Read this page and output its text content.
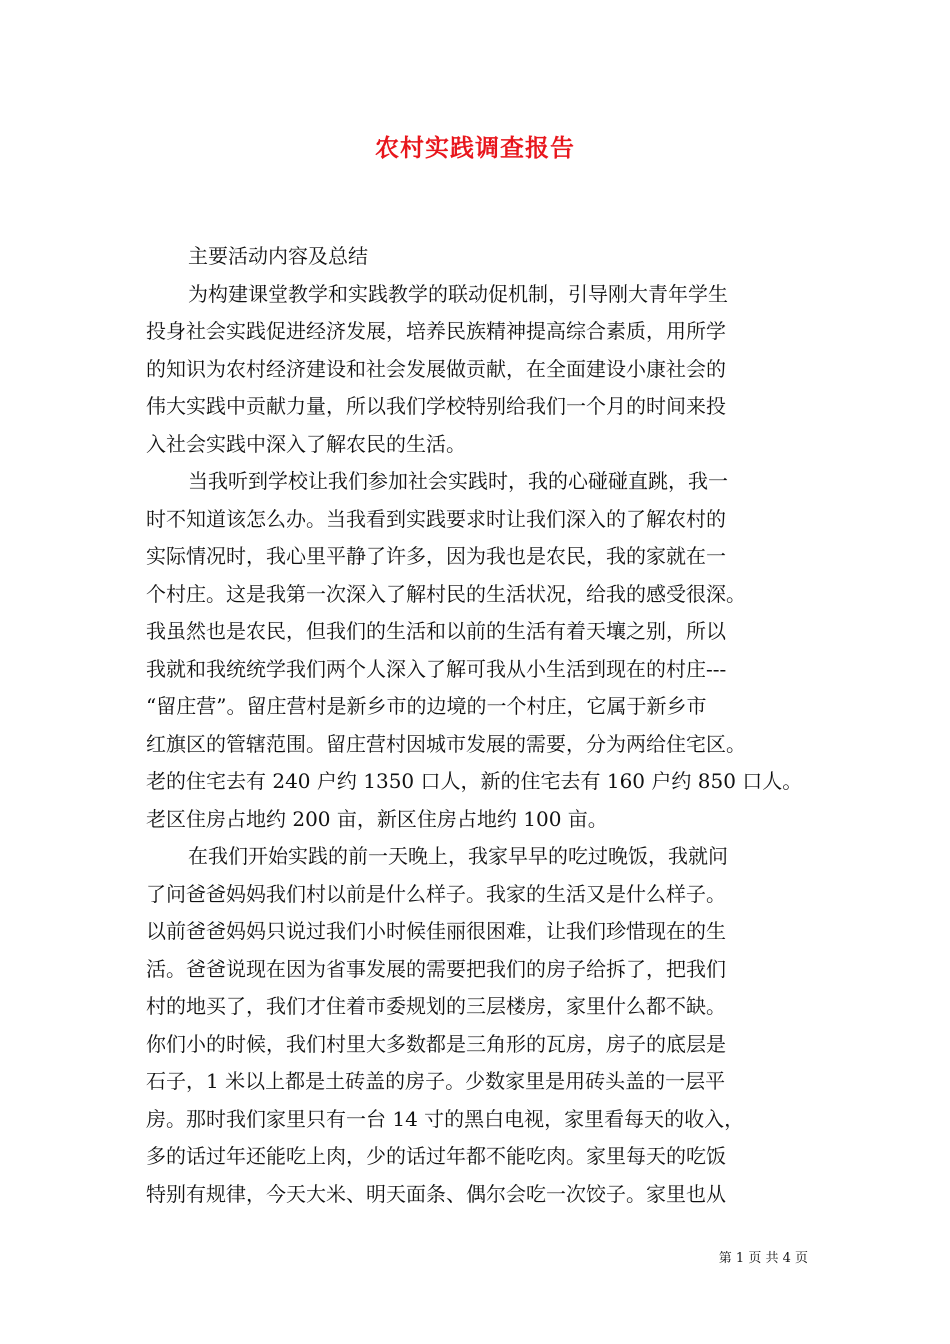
农村实践调查报告

主要活动内容及总结

为构建课堂教学和实践教学的联动促机制，引导刚大青年学生

投身社会实践促进经济发展，培养民族精神提高综合素质，用所学

的知识为农村经济建设和社会发展做贡献，在全面建设小康社会的

伟大实践中贡献力量，所以我们学校特别给我们一个月的时间来投

入社会实践中深入了解农民的生活。

当我听到学校让我们参加社会实践时，我的心碰碰直跳，我一

时不知道该怎么办。当我看到实践要求时让我们深入的了解农村的

实际情况时，我心里平静了许多，因为我也是农民，我的家就在一

个村庄。这是我第一次深入了解村民的生活状况，给我的感受很深。

我虽然也是农民，但我们的生活和以前的生活有着天壤之别，所以

我就和我统统学我们两个人深入了解可我从小生活到现在的村庄---

“留庄营”。留庄营村是新乡市的边境的一个村庄，它属于新乡市

红旗区的管辖范围。留庄营村因城市发展的需要，分为两给住宅区。

老的住宅去有 240 户约 1350 口人，新的住宅去有 160 户约 850 口人。

老区住房占地约 200 亩，新区住房占地约 100 亩。

在我们开始实践的前一天晚上，我家早早的吃过晚饭，我就问

了问爸爸妈妈我们村以前是什么样子。我家的生活又是什么样子。

以前爸爸妈妈只说过我们小时候佳丽很困难，让我们珍惜现在的生

活。爸爸说现在因为省事发展的需要把我们的房子给拆了，把我们

村的地买了，我们才住着市委规划的三层楼房，家里什么都不缺。

你们小的时候，我们村里大多数都是三角形的瓦房，房子的底层是

石子，1 米以上都是土砖盖的房子。少数家里是用砖头盖的一层平

房。那时我们家里只有一台 14 寸的黑白电视，家里看每天的收入，

多的话过年还能吃上肉，少的话过年都不能吃肉。家里每天的吃饭

特别有规律，今天大米、明天面条、偶尔会吃一次饺子。家里也从

第 1 页 共 4 页
